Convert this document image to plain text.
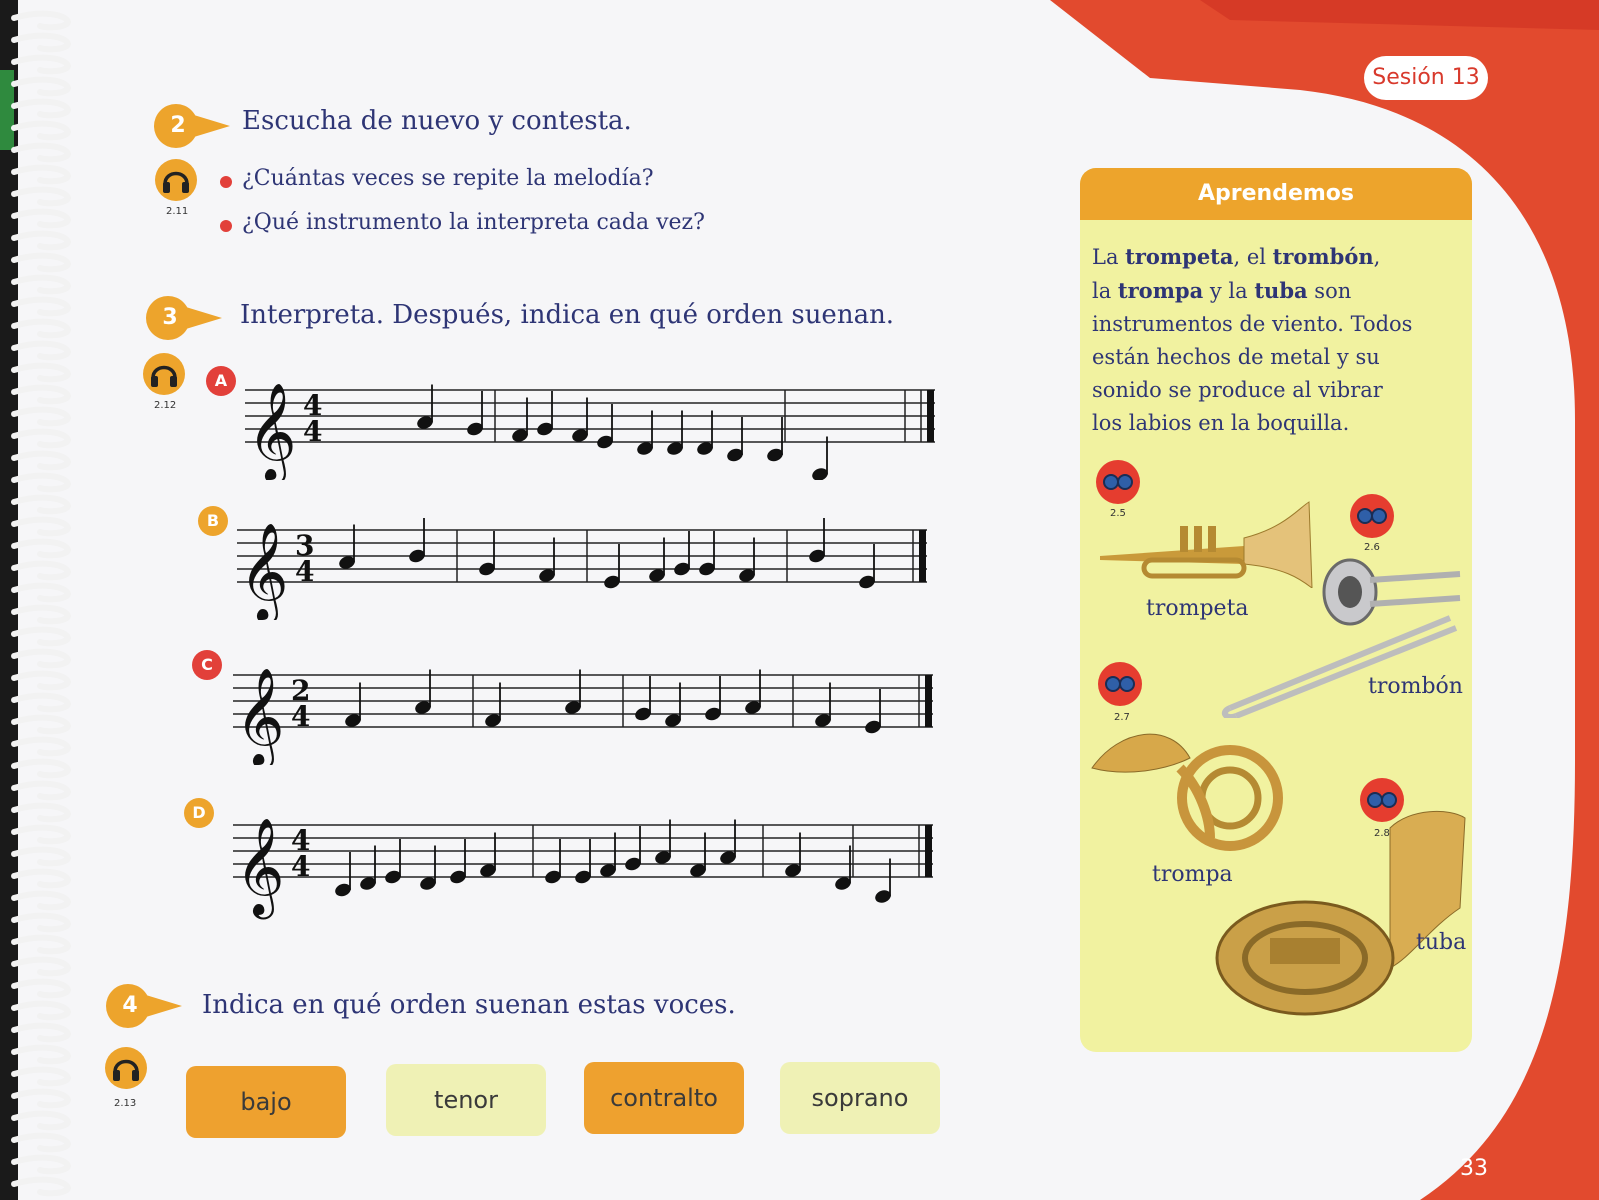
Sesión 13
2	Escucha de nuevo y contesta.
2.11
¿Cuántas veces se repite la melodía?
¿Qué instrumento la interpreta cada vez?
3	Interpreta. Después, indica en qué orden suenan.
2.12
A
B
C
D
𝄞 4
4
𝄞 3
4
𝄞 2
4
𝄞 4
4
4	Indica en qué orden suenan estas voces.
2.13	bajo	tenor	contralto	soprano
Aprendemos
La trompeta, el trombón,
la trompa y la tuba son
instrumentos de viento. Todos
están hechos de metal y su
sonido se produce al vibrar
los labios en la boquilla.
trompeta
trombón
trompa
tuba
2.5
2.6
2.7
2.8
33
